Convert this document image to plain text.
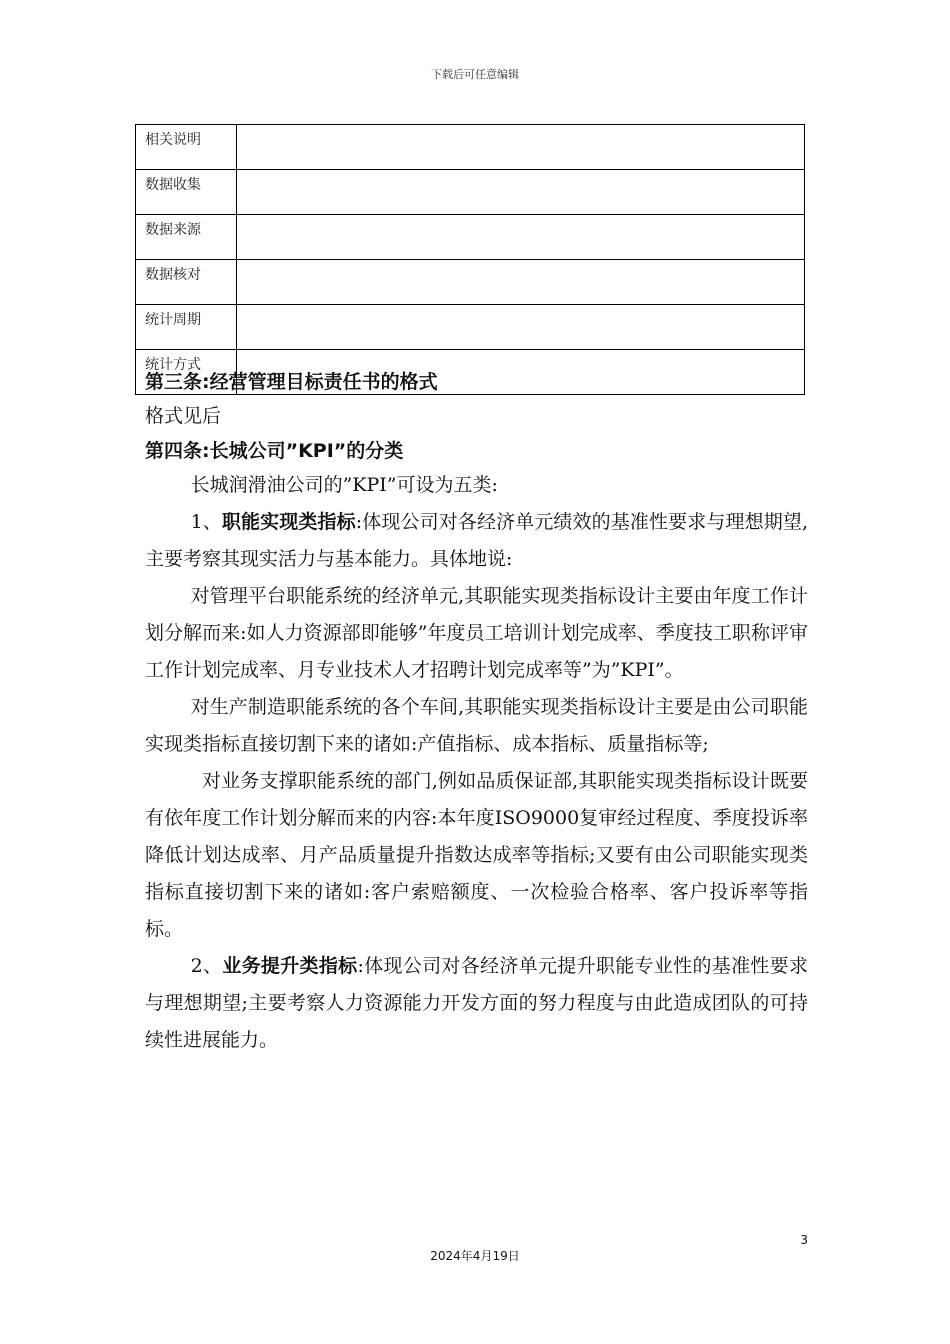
下载后可任意编辑
相关说明	
数据收集	
数据来源	
数据核对	
统计周期	
统计方式	

第三条:经营管理目标责任书的格式

格式见后

第四条:长城公司”KPI”的分类

长城润滑油公司的”KPI”可设为五类:

1、职能实现类指标:体现公司对各经济单元绩效的基准性要求与理想期望,主要考察其现实活力与基本能力。具体地说:

对管理平台职能系统的经济单元,其职能实现类指标设计主要由年度工作计划分解而来:如人力资源部即能够”年度员工培训计划完成率、季度技工职称评审工作计划完成率、月专业技术人才招聘计划完成率等”为”KPI”。

对生产制造职能系统的各个车间,其职能实现类指标设计主要是由公司职能实现类指标直接切割下来的诸如:产值指标、成本指标、质量指标等;

对业务支撑职能系统的部门,例如品质保证部,其职能实现类指标设计既要有依年度工作计划分解而来的内容:本年度ISO9000复审经过程度、季度投诉率降低计划达成率、月产品质量提升指数达成率等指标;又要有由公司职能实现类指标直接切割下来的诸如:客户索赔额度、一次检验合格率、客户投诉率等指标。

2、业务提升类指标:体现公司对各经济单元提升职能专业性的基准性要求与理想期望;主要考察人力资源能力开发方面的努力程度与由此造成团队的可持续性进展能力。

3
2024年4月19日
